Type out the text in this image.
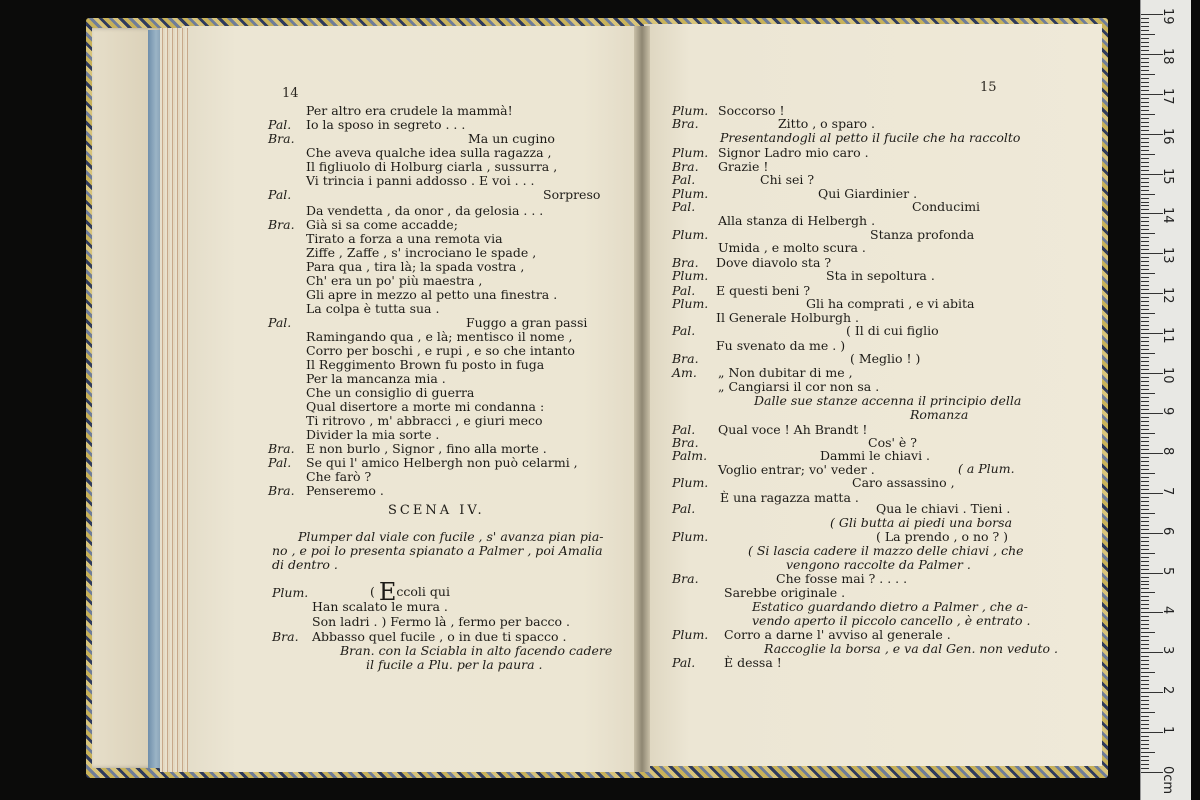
14
Per altro era crudele la mammà!
Pal. Io la sposo in segreto . . .
Bra.	Ma un cugino
Che aveva qualche idea sulla ragazza ,
Il figliuolo di Holburg ciarla , sussurra ,
Vi trincia i panni addosso . E voi . . .
Pal.	Sorpreso
Da vendetta , da onor , da gelosia . . .
Bra. Già si sa come accadde;
Tirato a forza a una remota via
Ziffe , Zaffe , s' incrociano le spade ,
Para qua , tira là; la spada vostra ,
Ch' era un po' più maestra ,
Gli apre in mezzo al petto una finestra .
La colpa è tutta sua .
Pal.	Fuggo a gran passi
Ramingando qua , e là; mentisco il nome ,
Corro per boschi , e rupi , e so che intanto
Il Reggimento Brown fu posto in fuga
Per la mancanza mia .
Che un consiglio di guerra
Qual disertore a morte mi condanna :
Ti ritrovo , m' abbracci , e giuri meco
Divider la mia sorte .
Bra. E non burlo , Signor , fino alla morte .
Pal. Se qui l' amico Helbergh non può celarmi ,
Che farò ?
Bra. Penseremo .
SCENA IV.
Plumper dal viale con fucile , s' avanza pian pia-
no , e poi lo presenta spianato a Palmer , poi Amalia
di dentro .
Plum.	( Eccoli qui
Han scalato le mura .
Son ladri . ) Fermo là , fermo per bacco .
Bra. Abbasso quel fucile , o in due ti spacco .
Bran. con la Sciabla in alto facendo cadere
il fucile a Plu. per la paura .
15
Plum. Soccorso !
Bra.	Zitto , o sparo .
Presentandogli al petto il fucile che ha raccolto
Plum. Signor Ladro mio caro .
Bra. Grazie !
Pal.	Chi sei ?
Plum.	Qui Giardinier .
Pal.	Conducimi
Alla stanza di Helbergh .
Plum.	Stanza profonda
Umida , e molto scura .
Bra. Dove diavolo sta ?
Plum.	Sta in sepoltura .
Pal. E questi beni ?
Plum.	Gli ha comprati , e vi abita
Il Generale Holburgh .
Pal.	( Il di cui figlio
Fu svenato da me . )
Bra.	( Meglio ! )
Am. „ Non dubitar di me ,
„ Cangiarsi il cor non sa .
Dalle sue stanze accenna il principio della
Romanza
Pal. Qual voce ! Ah Brandt !
Bra.	Cos' è ?
Palm.	Dammi le chiavi .
Voglio entrar; vo' veder .	( a Plum.
Plum.	Caro assassino ,
È una ragazza matta .
Pal.	Qua le chiavi . Tieni .
( Gli butta ai piedi una borsa
Plum.	( La prendo , o no ? )
( Si lascia cadere il mazzo delle chiavi , che
vengono raccolte da Palmer .
Bra.	Che fosse mai ? . . . .
Sarebbe originale .
Estatico guardando dietro a Palmer , che a-
vendo aperto il piccolo cancello , è entrato .
Plum. Corro a darne l' avviso al generale .
Raccoglie la borsa , e va dal Gen. non veduto .
Pal. È dessa !
19
18
17
16
15
14
13
12
11
10
9
8
7
6
5
4
3
2
1
0cm
